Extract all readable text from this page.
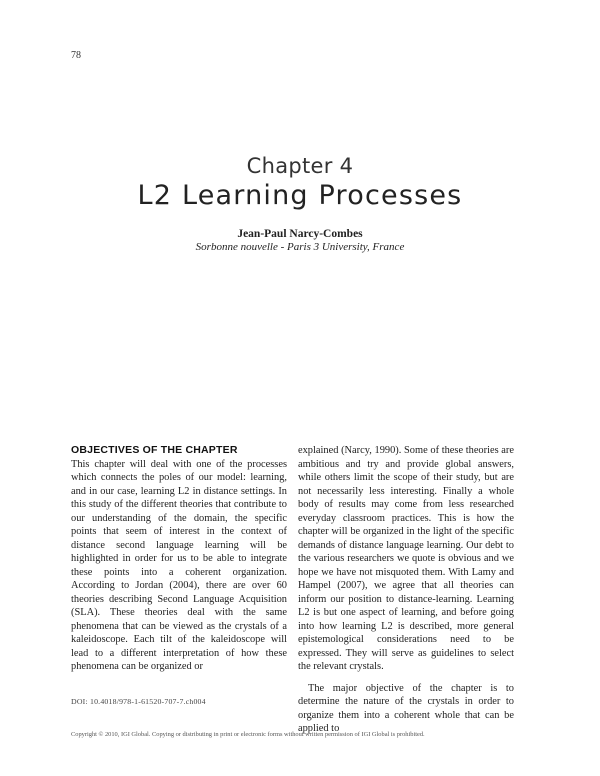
78
Chapter 4
L2 Learning Processes
Jean-Paul Narcy-Combes
Sorbonne nouvelle - Paris 3 University, France

OBJECTIVES OF THE CHAPTER

This chapter will deal with one of the processes which connects the poles of our model: learning, and in our case, learning L2 in distance settings. In this study of the different theories that contribute to our understanding of the domain, the specific points that seem of interest in the context of distance second language learning will be highlighted in order for us to be able to integrate these points into a coherent organization. According to Jordan (2004), there are over 60 theories describing Second Language Acquisition (SLA). These theories deal with the same phenomena that can be viewed as the crystals of a kaleidoscope. Each tilt of the kaleidoscope will lead to a different interpretation of how these phenomena can be organized or

explained (Narcy, 1990). Some of these theories are ambitious and try and provide global answers, while others limit the scope of their study, but are not necessarily less interesting. Finally a whole body of results may come from less researched everyday classroom practices. This is how the chapter will be organized in the light of the specific demands of distance language learning. Our debt to the various researchers we quote is obvious and we hope we have not misquoted them. With Lamy and Hampel (2007), we agree that all theories can inform our position to distance-learning. Learning L2 is but one aspect of learning, and before going into how learning L2 is described, more general epistemological considerations need to be expressed. They will serve as guidelines to select the relevant crystals.

The major objective of the chapter is to determine the nature of the crystals in order to organize them into a coherent whole that can be applied to

DOI: 10.4018/978-1-61520-707-7.ch004
Copyright © 2010, IGI Global. Copying or distributing in print or electronic forms without written permission of IGI Global is prohibited.
